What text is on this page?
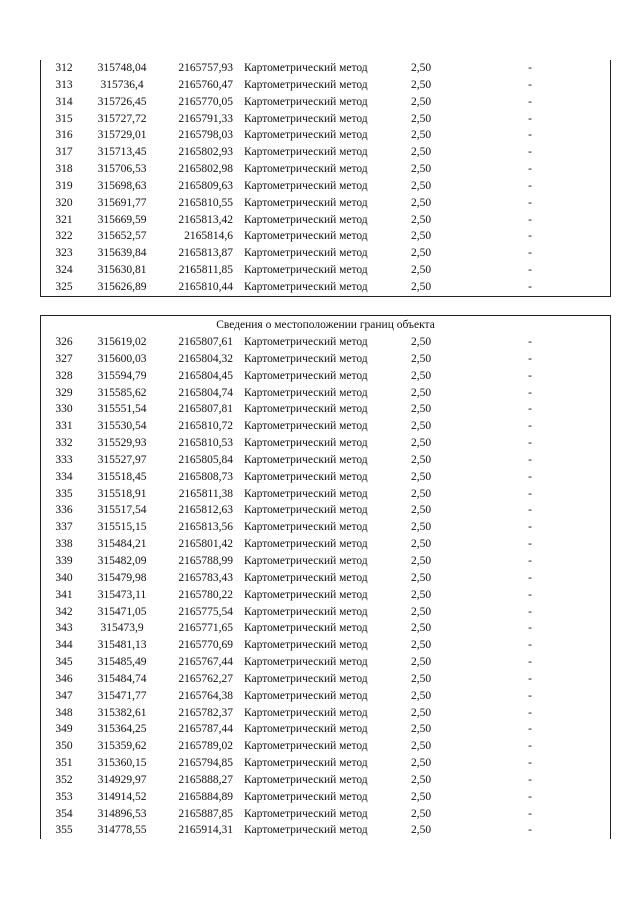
312	315748,04	2165757,93 Картометрический метод	2,50	-
313	315736,4	2165760,47 Картометрический метод	2,50	-
314	315726,45	2165770,05 Картометрический метод	2,50	-
315	315727,72	2165791,33 Картометрический метод	2,50	-
316	315729,01	2165798,03 Картометрический метод	2,50	-
317	315713,45	2165802,93 Картометрический метод	2,50	-
318	315706,53	2165802,98 Картометрический метод	2,50	-
319	315698,63	2165809,63 Картометрический метод	2,50	-
320	315691,77	2165810,55 Картометрический метод	2,50	-
321	315669,59	2165813,42 Картометрический метод	2,50	-
322	315652,57	2165814,6 Картометрический метод	2,50	-
323	315639,84	2165813,87 Картометрический метод	2,50	-
324	315630,81	2165811,85 Картометрический метод	2,50	-
325	315626,89	2165810,44 Картометрический метод	2,50	-
Сведения о местоположении границ объекта
326	315619,02	2165807,61 Картометрический метод	2,50	-
327	315600,03	2165804,32 Картометрический метод	2,50	-
328	315594,79	2165804,45 Картометрический метод	2,50	-
329	315585,62	2165804,74 Картометрический метод	2,50	-
330	315551,54	2165807,81 Картометрический метод	2,50	-
331	315530,54	2165810,72 Картометрический метод	2,50	-
332	315529,93	2165810,53 Картометрический метод	2,50	-
333	315527,97	2165805,84 Картометрический метод	2,50	-
334	315518,45	2165808,73 Картометрический метод	2,50	-
335	315518,91	2165811,38 Картометрический метод	2,50	-
336	315517,54	2165812,63 Картометрический метод	2,50	-
337	315515,15	2165813,56 Картометрический метод	2,50	-
338	315484,21	2165801,42 Картометрический метод	2,50	-
339	315482,09	2165788,99 Картометрический метод	2,50	-
340	315479,98	2165783,43 Картометрический метод	2,50	-
341	315473,11	2165780,22 Картометрический метод	2,50	-
342	315471,05	2165775,54 Картометрический метод	2,50	-
343	315473,9	2165771,65 Картометрический метод	2,50	-
344	315481,13	2165770,69 Картометрический метод	2,50	-
345	315485,49	2165767,44 Картометрический метод	2,50	-
346	315484,74	2165762,27 Картометрический метод	2,50	-
347	315471,77	2165764,38 Картометрический метод	2,50	-
348	315382,61	2165782,37 Картометрический метод	2,50	-
349	315364,25	2165787,44 Картометрический метод	2,50	-
350	315359,62	2165789,02 Картометрический метод	2,50	-
351	315360,15	2165794,85 Картометрический метод	2,50	-
352	314929,97	2165888,27 Картометрический метод	2,50	-
353	314914,52	2165884,89 Картометрический метод	2,50	-
354	314896,53	2165887,85 Картометрический метод	2,50	-
355	314778,55	2165914,31 Картометрический метод	2,50	-
